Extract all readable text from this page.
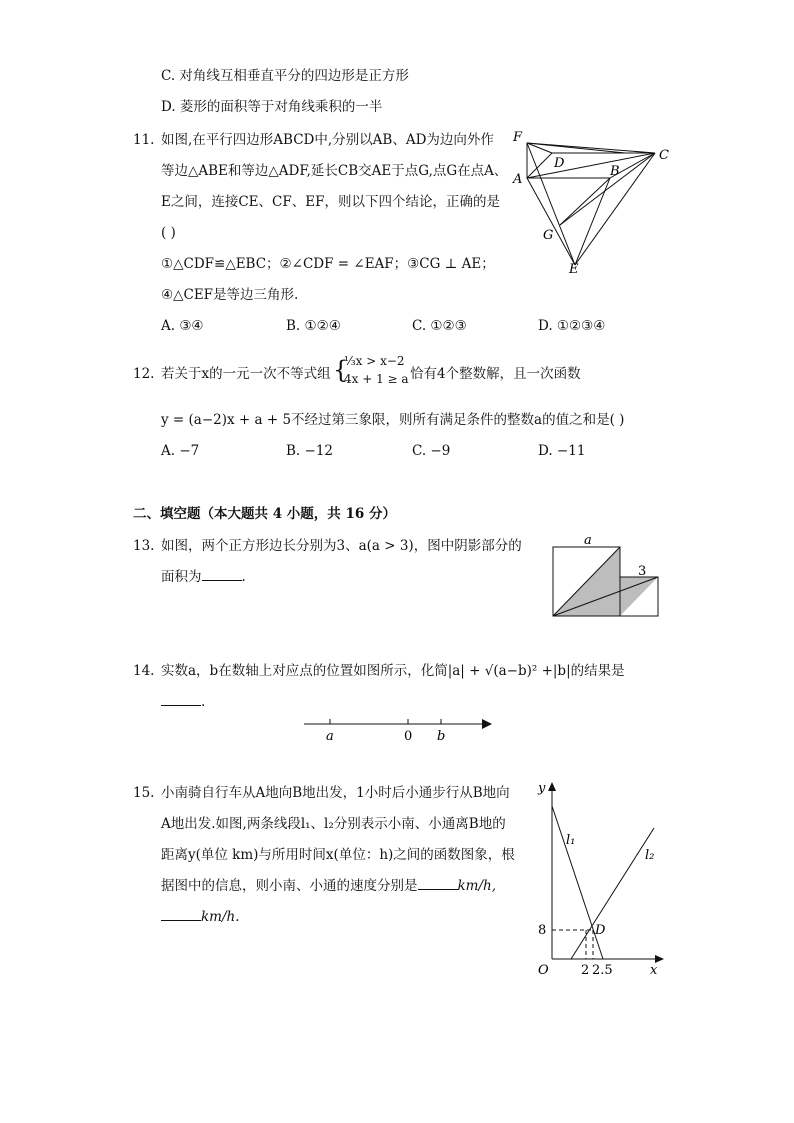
C. 对角线互相垂直平分的四边形是正方形
D. 菱形的面积等于对角线乘积的一半
11. 如图,在平行四边形ABCD中,分别以AB、AD为边向外作
等边△ABE和等边△ADF,延长CB交AE于点G,点G在点A、
E之间，连接CE、CF、EF，则以下四个结论，正确的是
( )
①△CDF≌△EBC；②∠CDF = ∠EAF；③CG ⊥ AE；
④△CEF是等边三角形.
A. ③④	B. ①②④	C. ①②③	D. ①②③④
F
D
C
A
B
G
E
12. 若关于x的一元一次不等式组 {
⅓x > x−2
4x + 1 ≥ a 恰有4个整数解，且一次函数
y = (a−2)x + a + 5不经过第三象限，则所有满足条件的整数a的值之和是( )
A. −7	B. −12	C. −9	D. −11
二、填空题（本大题共 4 小题，共 16 分）
13. 如图，两个正方形边长分别为3、a(a > 3)，图中阴影部分的
面积为	.
a
3
14. 实数a，b在数轴上对应点的位置如图所示，化简|a| + √(a−b)² +|b|的结果是
.
a	0 b
15. 小南骑自行车从A地向B地出发，1小时后小通步行从B地向
A地出发.如图,两条线段l₁、l₂分别表示小南、小通离B地的
距离y(单位 km)与所用时间x(单位：h)之间的函数图象，根
据图中的信息，则小南、小通的速度分别是	km/h,
km/h.
y
l₁
l₂
8	D
O 2 2.5	x
